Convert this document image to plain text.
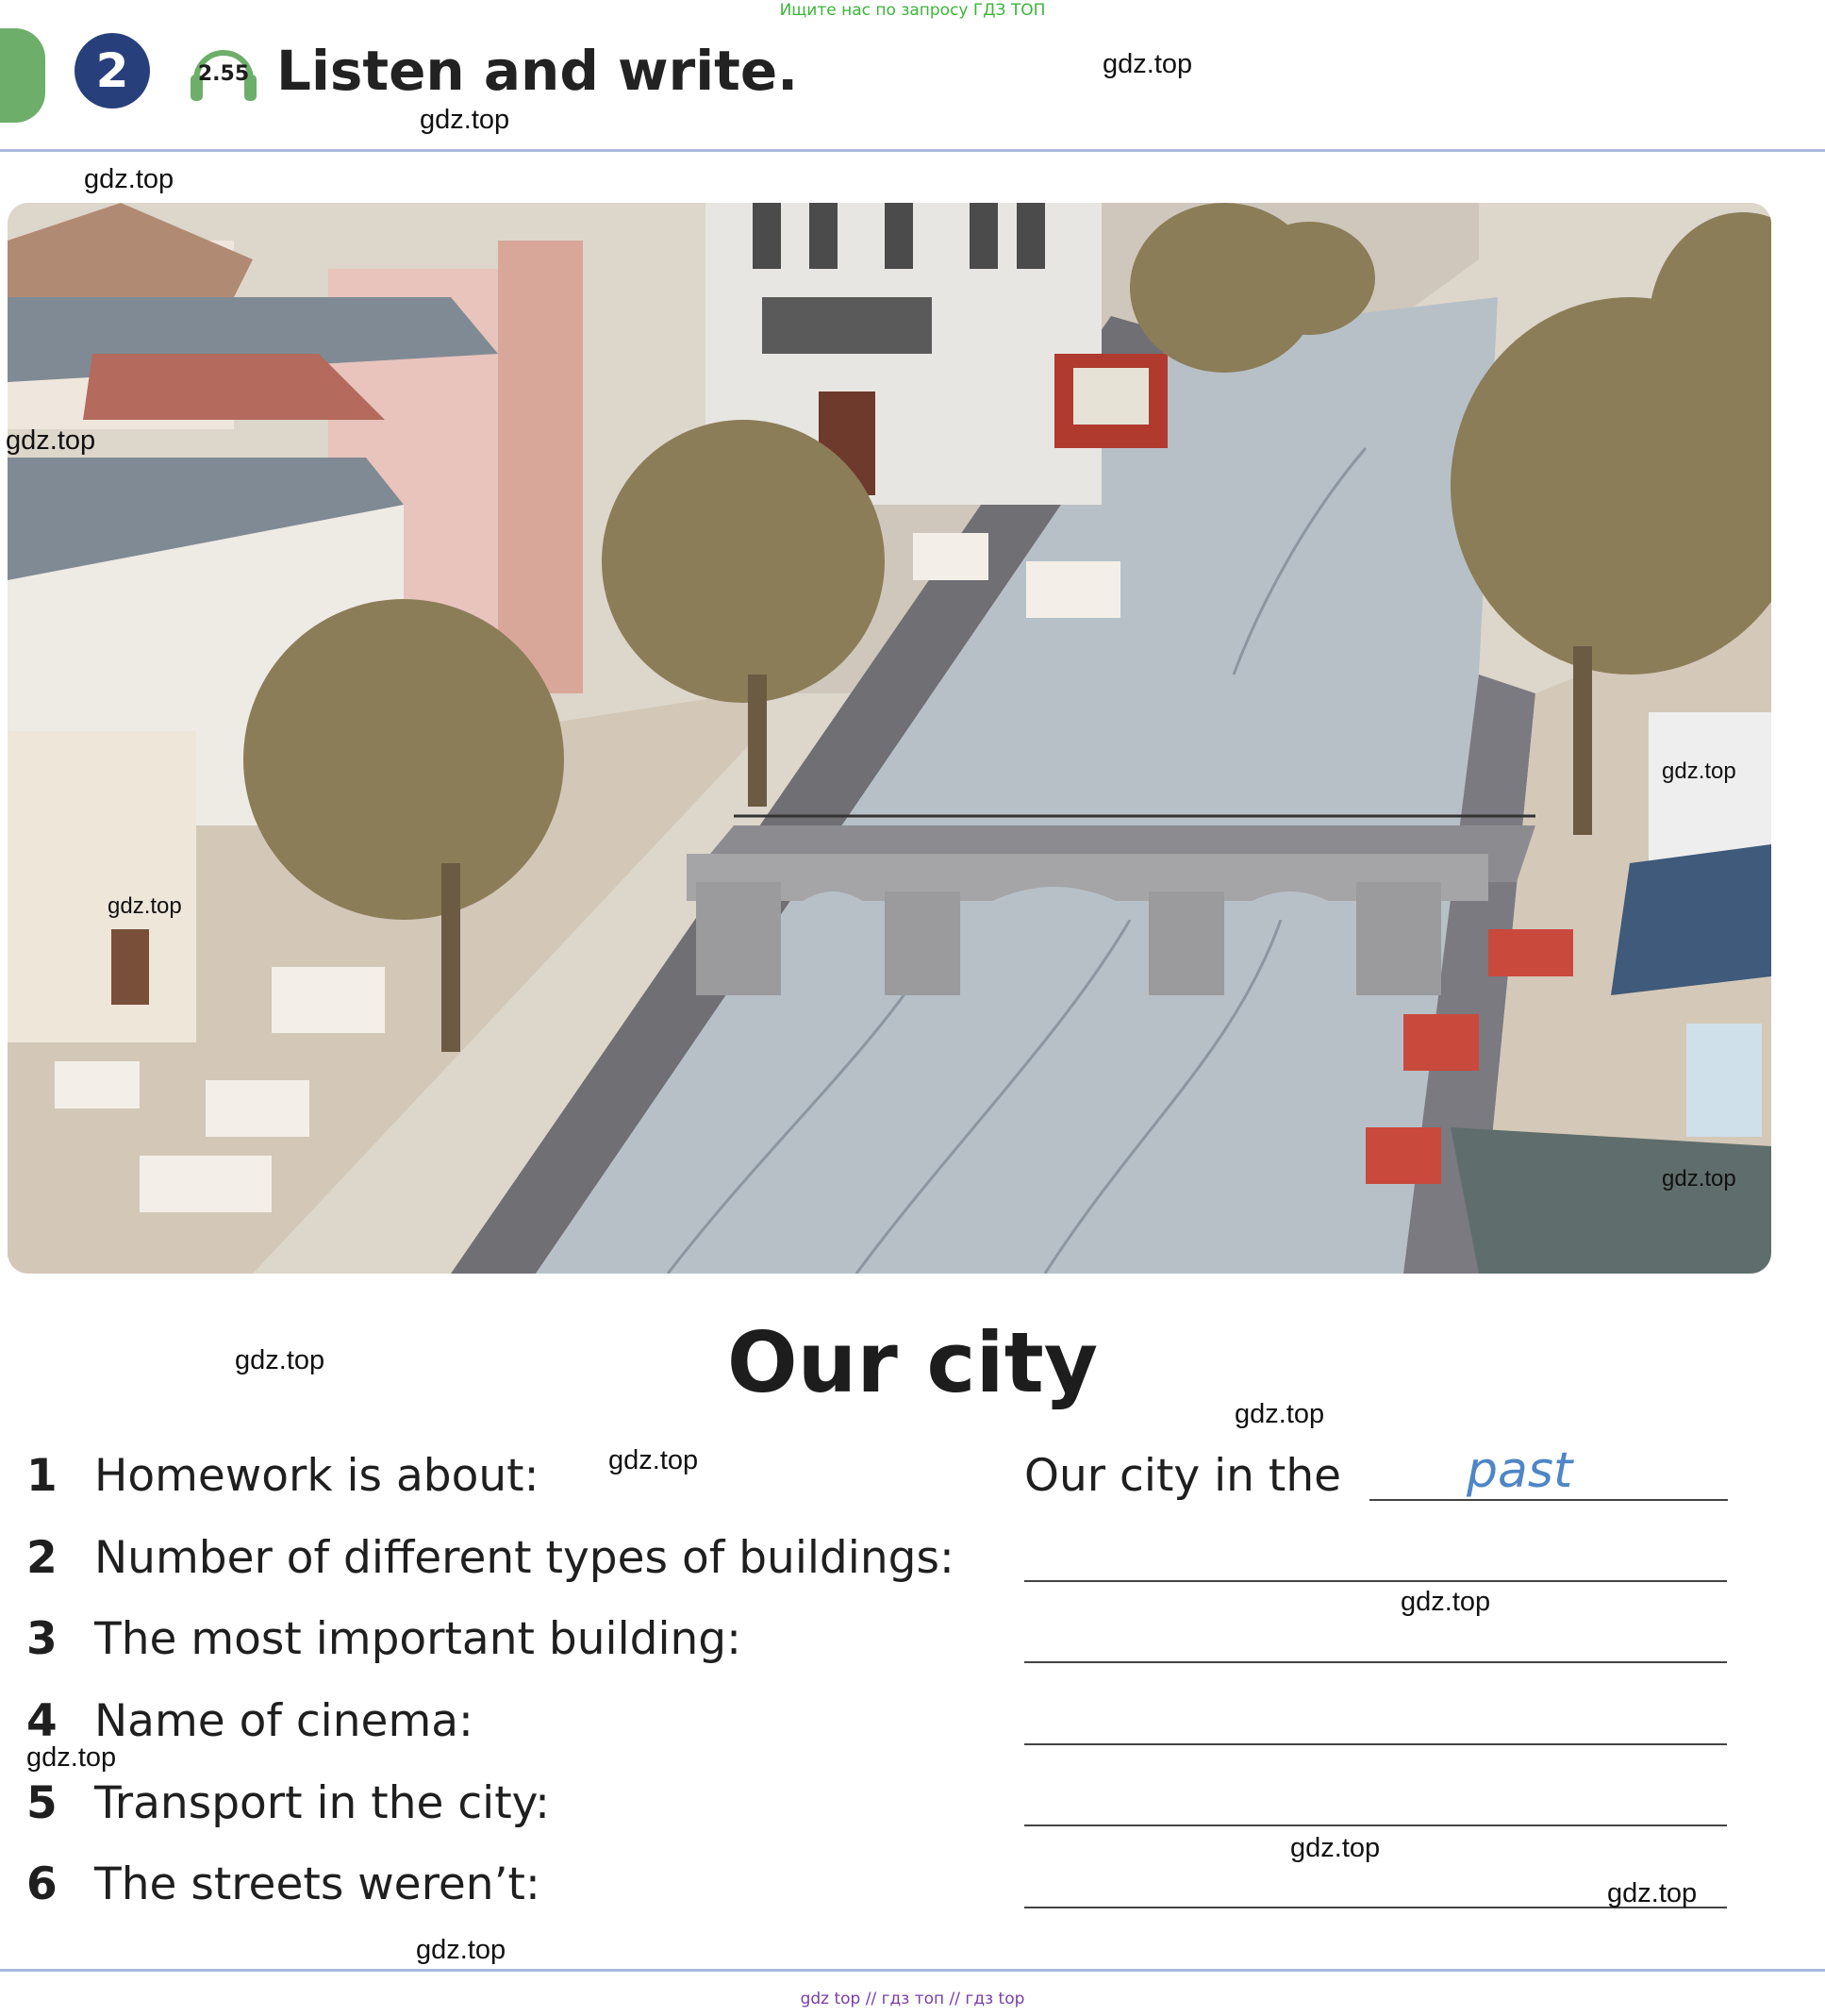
Ищите нас по запросу ГДЗ ТОП
2	2.55 Listen and write.
Our city
1 Homework is about:
2 Number of different types of buildings:
3 The most important building:
4 Name of cinema:
5 Transport in the city:
6 The streets weren’t:
Our city in the	past
gdz.top
gdz.top
gdz.top
gdz.top
gdz.top
gdz.top
gdz.top
gdz.top
gdz.top
gdz.top
gdz.top
gdz.top
gdz.top
gdz.top
gdz.top
gdz top // гдз топ // гдз top
